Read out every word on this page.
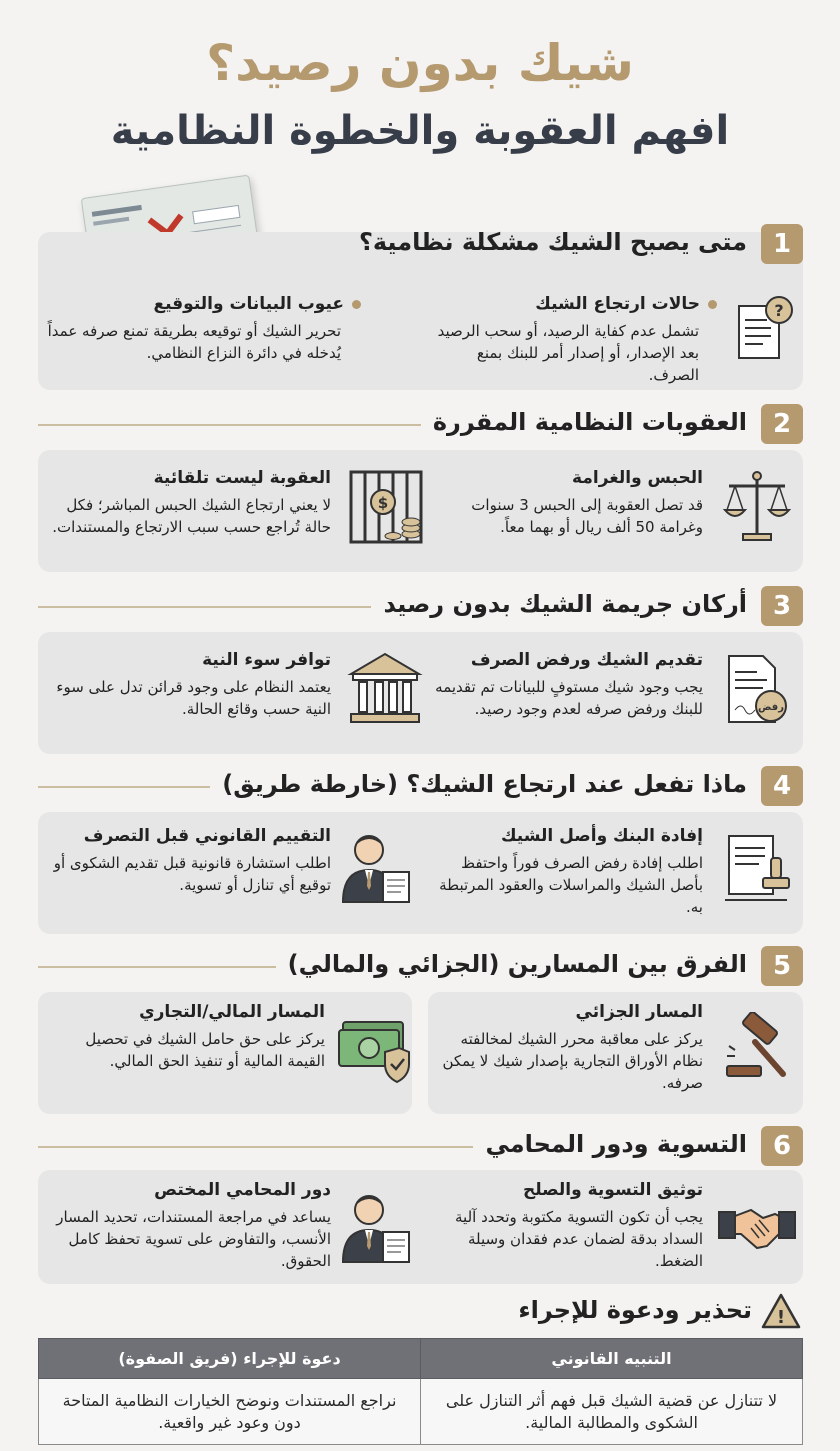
شيك بدون رصيد؟
افهم العقوبة والخطوة النظامية
1
متى يصبح الشيك مشكلة نظامية؟
?
حالات ارتجاع الشيك
تشمل عدم كفاية الرصيد، أو سحب الرصيد بعد الإصدار، أو إصدار أمر للبنك بمنع الصرف.
عيوب البيانات والتوقيع
تحرير الشيك أو توقيعه بطريقة تمنع صرفه عمداً يُدخله في دائرة النزاع النظامي.
2
العقوبات النظامية المقررة
الحبس والغرامة
قد تصل العقوبة إلى الحبس 3 سنوات وغرامة 50 ألف ريال أو بهما معاً.
$
العقوبة ليست تلقائية
لا يعني ارتجاع الشيك الحبس المباشر؛ فكل حالة تُراجع حسب سبب الارتجاع والمستندات.
3
أركان جريمة الشيك بدون رصيد
رفض
تقديم الشيك ورفض الصرف
يجب وجود شيك مستوفٍ للبيانات تم تقديمه للبنك ورفض صرفه لعدم وجود رصيد.
توافر سوء النية
يعتمد النظام على وجود قرائن تدل على سوء النية حسب وقائع الحالة.
4
ماذا تفعل عند ارتجاع الشيك؟ (خارطة طريق)
إفادة البنك وأصل الشيك
اطلب إفادة رفض الصرف فوراً واحتفظ بأصل الشيك والمراسلات والعقود المرتبطة به.
التقييم القانوني قبل التصرف
اطلب استشارة قانونية قبل تقديم الشكوى أو توقيع أي تنازل أو تسوية.
5
الفرق بين المسارين (الجزائي والمالي)
المسار الجزائي
يركز على معاقبة محرر الشيك لمخالفته نظام الأوراق التجارية بإصدار شيك لا يمكن صرفه.
المسار المالي/التجاري
يركز على حق حامل الشيك في تحصيل القيمة المالية أو تنفيذ الحق المالي.
6
التسوية ودور المحامي
توثيق التسوية والصلح
يجب أن تكون التسوية مكتوبة وتحدد آلية السداد بدقة لضمان عدم فقدان وسيلة الضغط.
دور المحامي المختص
يساعد في مراجعة المستندات، تحديد المسار الأنسب، والتفاوض على تسوية تحفظ كامل الحقوق.
!
تحذير ودعوة للإجراء
التنبيه القانوني	دعوة للإجراء (فريق الصفوة)
لا تتنازل عن قضية الشيك قبل فهم أثر التنازل على الشكوى والمطالبة المالية.	نراجع المستندات ونوضح الخيارات النظامية المتاحة دون وعود غير واقعية.
